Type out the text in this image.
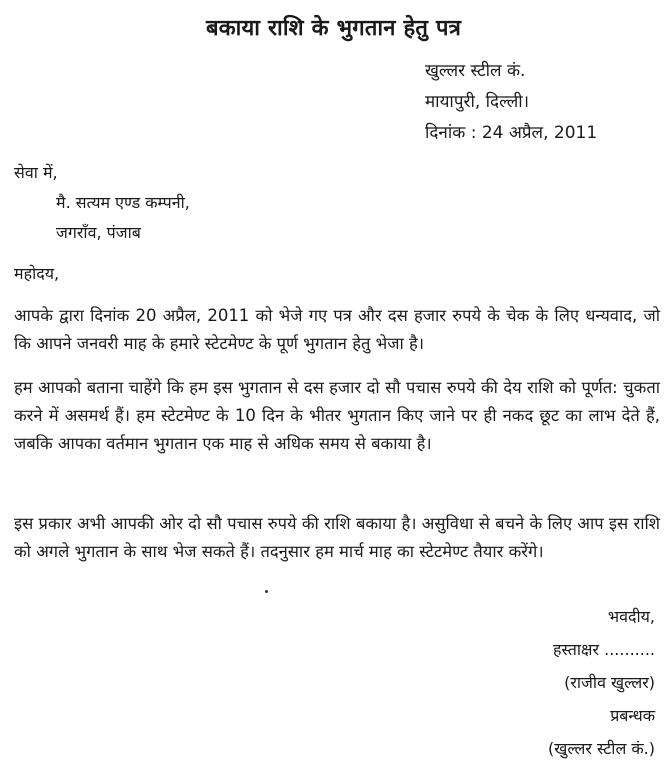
बकाया राशि के भुगतान हेतु पत्र
खुल्लर स्टील कं.
मायापुरी, दिल्ली।
दिनांक : 24 अप्रैल, 2011
सेवा में,
मै. सत्यम एण्ड कम्पनी,
जगराँव, पंजाब
महोदय,
आपके द्वारा दिनांक 20 अप्रैल, 2011 को भेजे गए पत्र और दस हजार रुपये के चेक के लिए धन्यवाद, जो कि आपने जनवरी माह के हमारे स्टेटमेण्ट के पूर्ण भुगतान हेतु भेजा है।
हम आपको बताना चाहेंगे कि हम इस भुगतान से दस हजार दो सौ पचास रुपये की देय राशि को पूर्णत: चुकता करने में असमर्थ हैं। हम स्टेटमेण्ट के 10 दिन के भीतर भुगतान किए जाने पर ही नकद छूट का लाभ देते हैं, जबकि आपका वर्तमान भुगतान एक माह से अधिक समय से बकाया है।
इस प्रकार अभी आपकी ओर दो सौ पचास रुपये की राशि बकाया है। असुविधा से बचने के लिए आप इस राशि को अगले भुगतान के साथ भेज सकते हैं। तदनुसार हम मार्च माह का स्टेटमेण्ट तैयार करेंगे।
भवदीय,
हस्ताक्षर ..........
(राजीव खुल्लर)
प्रबन्धक
(खुल्लर स्टील कं.)
